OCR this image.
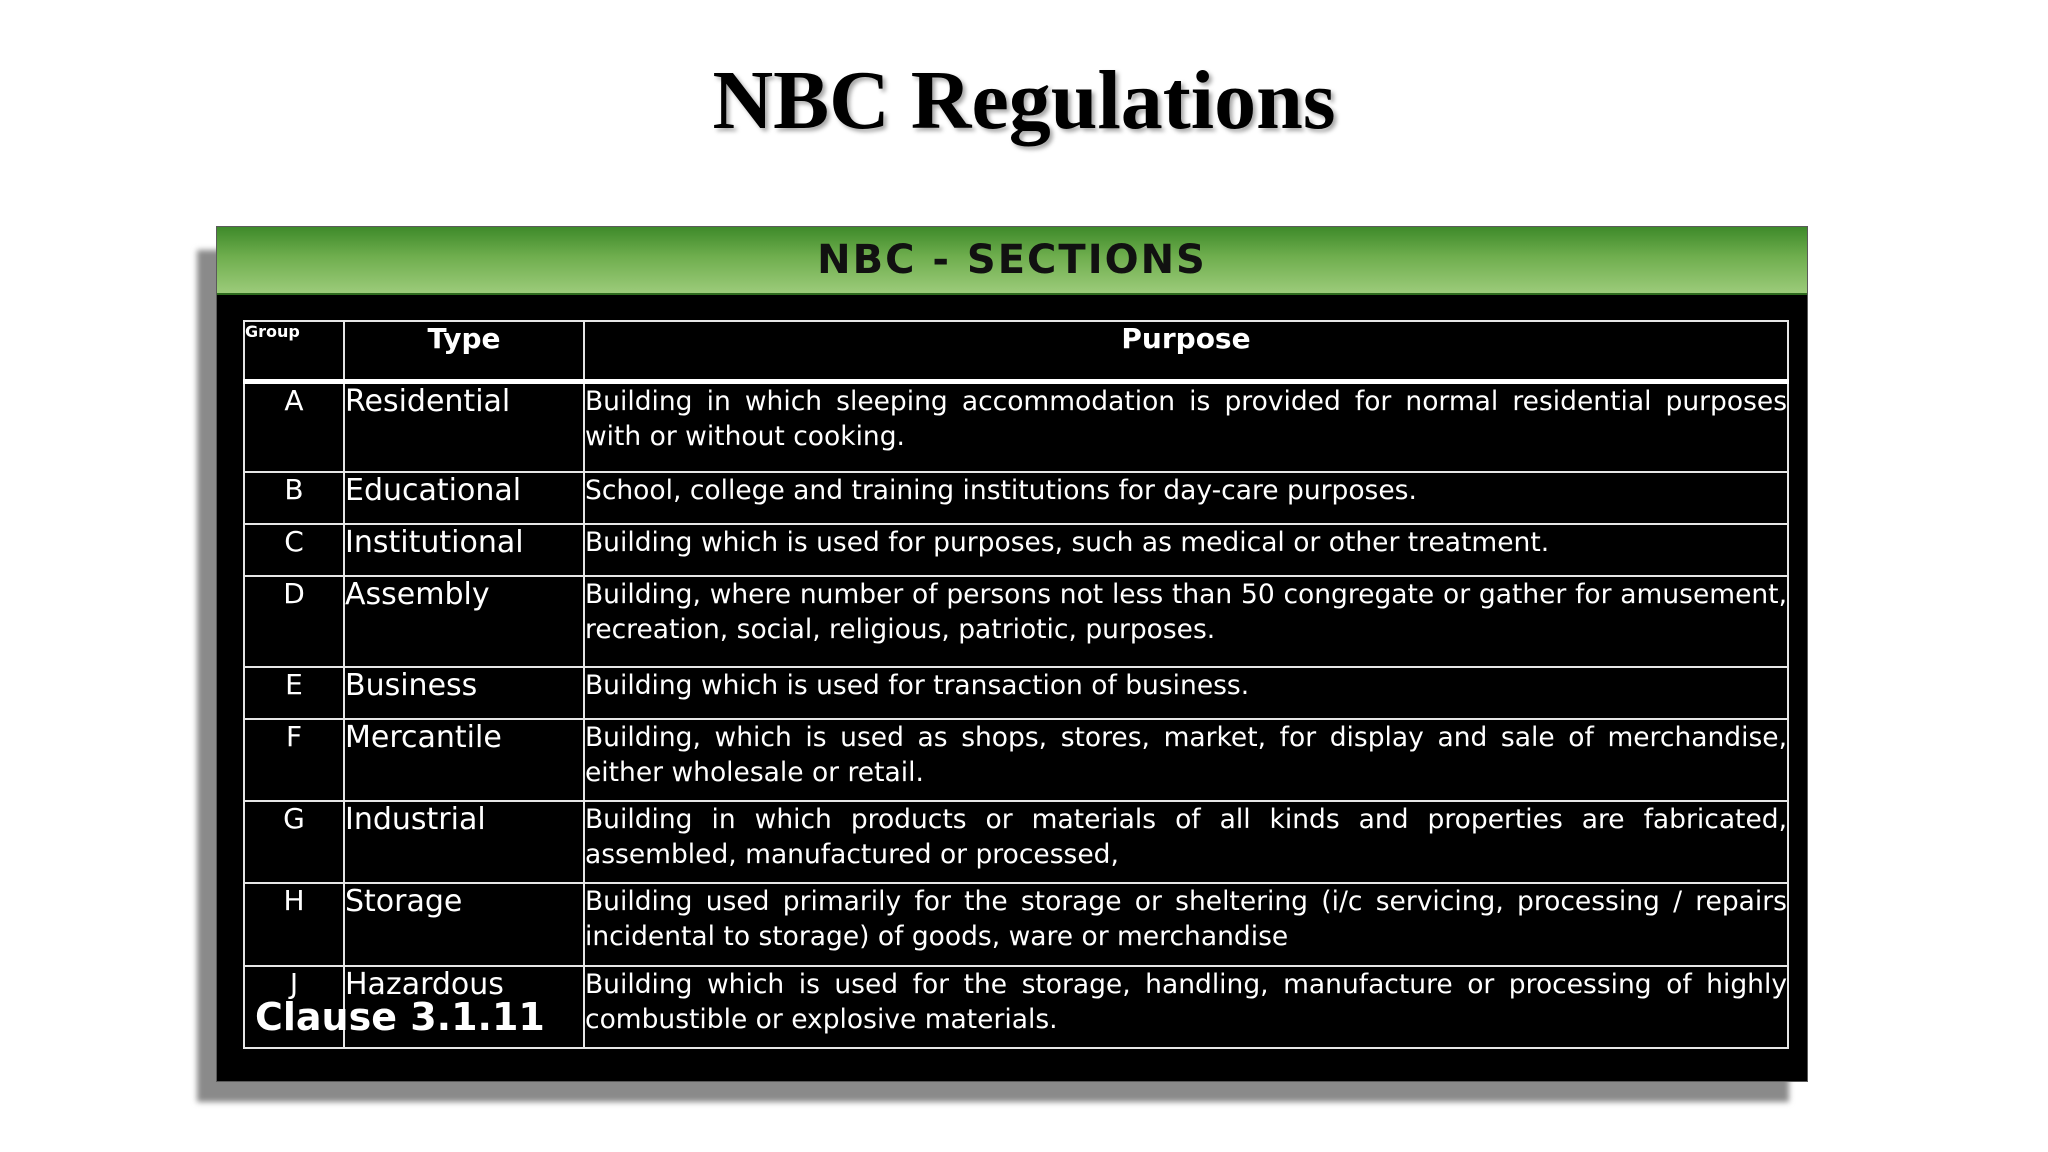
NBC Regulations
NBC - SECTIONS
Group	Type	Purpose
A	Residential	Building in which sleeping accommodation is provided for normal residential purposes with or without cooking.
B	Educational	School, college and training institutions for day-care purposes.
C	Institutional	Building which is used for purposes, such as medical or other treatment.
D	Assembly	Building, where number of persons not less than 50 congregate or gather for amusement, recreation, social, religious, patriotic, purposes.
E	Business	Building which is used for transaction of business.
F	Mercantile	Building, which is used as shops, stores, market, for display and sale of merchandise, either wholesale or retail.
G	Industrial	Building in which products or materials of all kinds and properties are fabricated, assembled, manufactured or processed,
H	Storage	Building used primarily for the storage or sheltering (i/c servicing, processing / repairs incidental to storage) of goods, ware or merchandise
J	Hazardous	Building which is used for the storage, handling, manufacture or processing of highly combustible or explosive materials.
Clause 3.1.11
